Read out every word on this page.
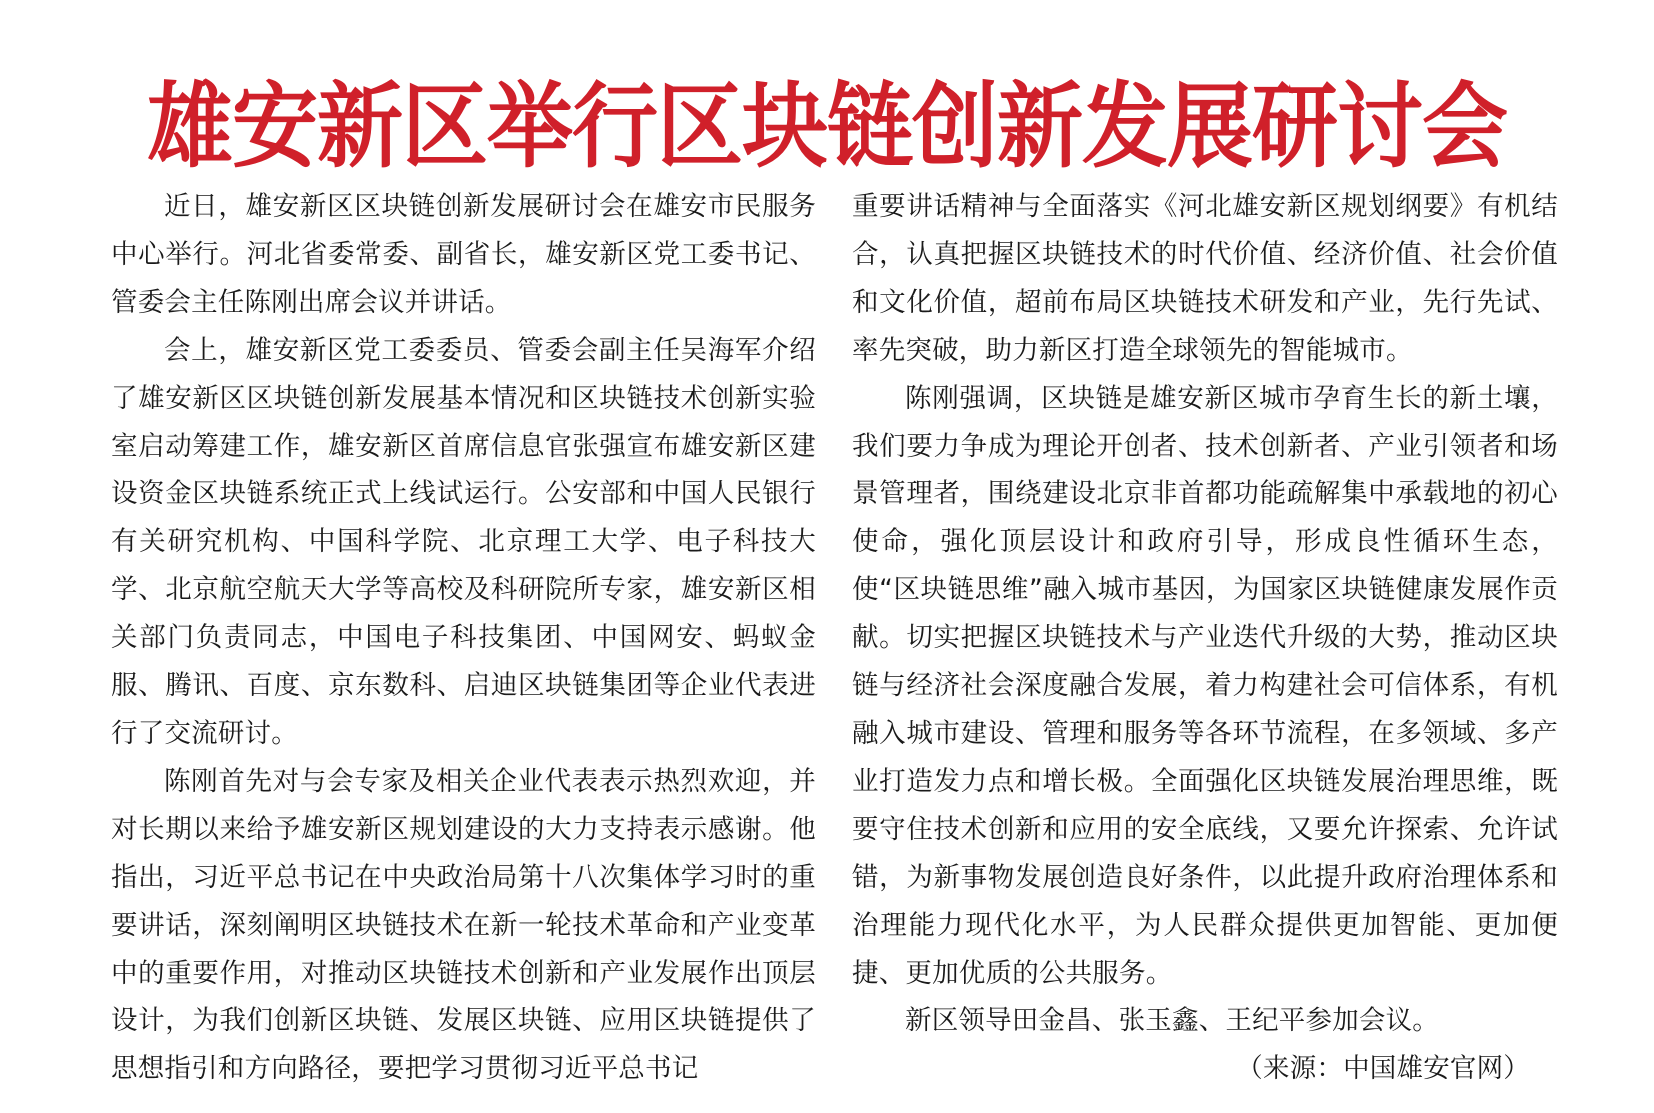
雄安新区举行区块链创新发展研讨会

近日，雄安新区区块链创新发展研讨会在雄安市民服务中心举行。河北省委常委、副省长，雄安新区党工委书记、管委会主任陈刚出席会议并讲话。

会上，雄安新区党工委委员、管委会副主任吴海军介绍了雄安新区区块链创新发展基本情况和区块链技术创新实验室启动筹建工作，雄安新区首席信息官张强宣布雄安新区建设资金区块链系统正式上线试运行。公安部和中国人民银行有关研究机构、中国科学院、北京理工大学、电子科技大学、北京航空航天大学等高校及科研院所专家，雄安新区相关部门负责同志，中国电子科技集团、中国网安、蚂蚁金服、腾讯、百度、京东数科、启迪区块链集团等企业代表进行了交流研讨。

陈刚首先对与会专家及相关企业代表表示热烈欢迎，并对长期以来给予雄安新区规划建设的大力支持表示感谢。他指出，习近平总书记在中央政治局第十八次集体学习时的重要讲话，深刻阐明区块链技术在新一轮技术革命和产业变革中的重要作用，对推动区块链技术创新和产业发展作出顶层设计，为我们创新区块链、发展区块链、应用区块链提供了思想指引和方向路径，要把学习贯彻习近平总书记

重要讲话精神与全面落实《河北雄安新区规划纲要》有机结合，认真把握区块链技术的时代价值、经济价值、社会价值和文化价值，超前布局区块链技术研发和产业，先行先试、率先突破，助力新区打造全球领先的智能城市。

陈刚强调，区块链是雄安新区城市孕育生长的新土壤，我们要力争成为理论开创者、技术创新者、产业引领者和场景管理者，围绕建设北京非首都功能疏解集中承载地的初心使命，强化顶层设计和政府引导，形成良性循环生态，使“区块链思维”融入城市基因，为国家区块链健康发展作贡献。切实把握区块链技术与产业迭代升级的大势，推动区块链与经济社会深度融合发展，着力构建社会可信体系，有机融入城市建设、管理和服务等各环节流程，在多领域、多产业打造发力点和增长极。全面强化区块链发展治理思维，既要守住技术创新和应用的安全底线，又要允许探索、允许试错，为新事物发展创造良好条件，以此提升政府治理体系和治理能力现代化水平，为人民群众提供更加智能、更加便捷、更加优质的公共服务。

新区领导田金昌、张玉鑫、王纪平参加会议。

（来源：中国雄安官网）
